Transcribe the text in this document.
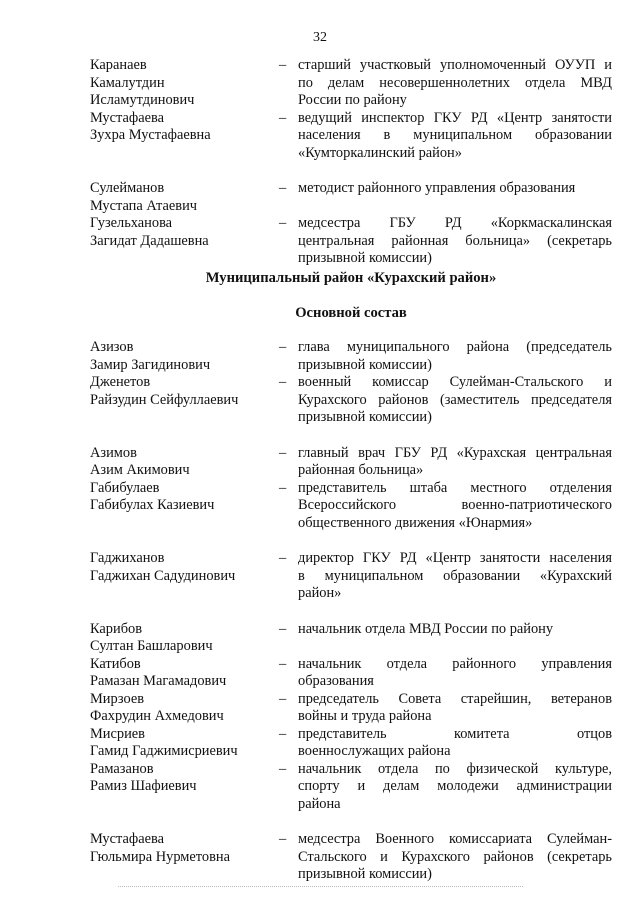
32
Каранаев
Камалутдин
Исламутдинович
– старший участковый уполномоченный ОУУП и
по делам несовершеннолетних отдела МВД
России по району
Мустафаева
Зухра Мустафаевна
– ведущий инспектор ГКУ РД «Центр занятости
населения в муниципальном образовании
«Кумторкалинский район»
Сулейманов
Мустапа Атаевич
– методист районного управления образования
Гузельханова
Загидат Дадашевна
– медсестра ГБУ РД «Коркмаскалинская
центральная районная больница» (секретарь
призывной комиссии)
Муниципальный район «Курахский район»
Основной состав
Азизов
Замир Загидинович
– глава муниципального района (председатель
призывной комиссии)
Дженетов
Райзудин Сейфуллаевич
– военный комиссар Сулейман-Стальского и
Курахского районов (заместитель председателя
призывной комиссии)
Азимов
Азим Акимович
– главный врач ГБУ РД «Курахская центральная
районная больница»
Габибулаев
Габибулах Казиевич
– представитель штаба местного отделения
Всероссийского военно-патриотического
общественного движения «Юнармия»
Гаджиханов
Гаджихан Садудинович
– директор ГКУ РД «Центр занятости населения
в муниципальном образовании «Курахский
район»
Карибов
Султан Башларович
– начальник отдела МВД России по району
Катибов
Рамазан Магамадович
– начальник отдела районного управления
образования
Мирзоев
Фахрудин Ахмедович
– председатель Совета старейшин, ветеранов
войны и труда района
Мисриев
Гамид Гаджимисриевич
– представитель комитета отцов
военнослужащих района
Рамазанов
Рамиз Шафиевич
– начальник отдела по физической культуре,
спорту и делам молодежи администрации
района
Мустафаева
Гюльмира Нурметовна
– медсестра Военного комиссариата Сулейман-
Стальского и Курахского районов (секретарь
призывной комиссии)
